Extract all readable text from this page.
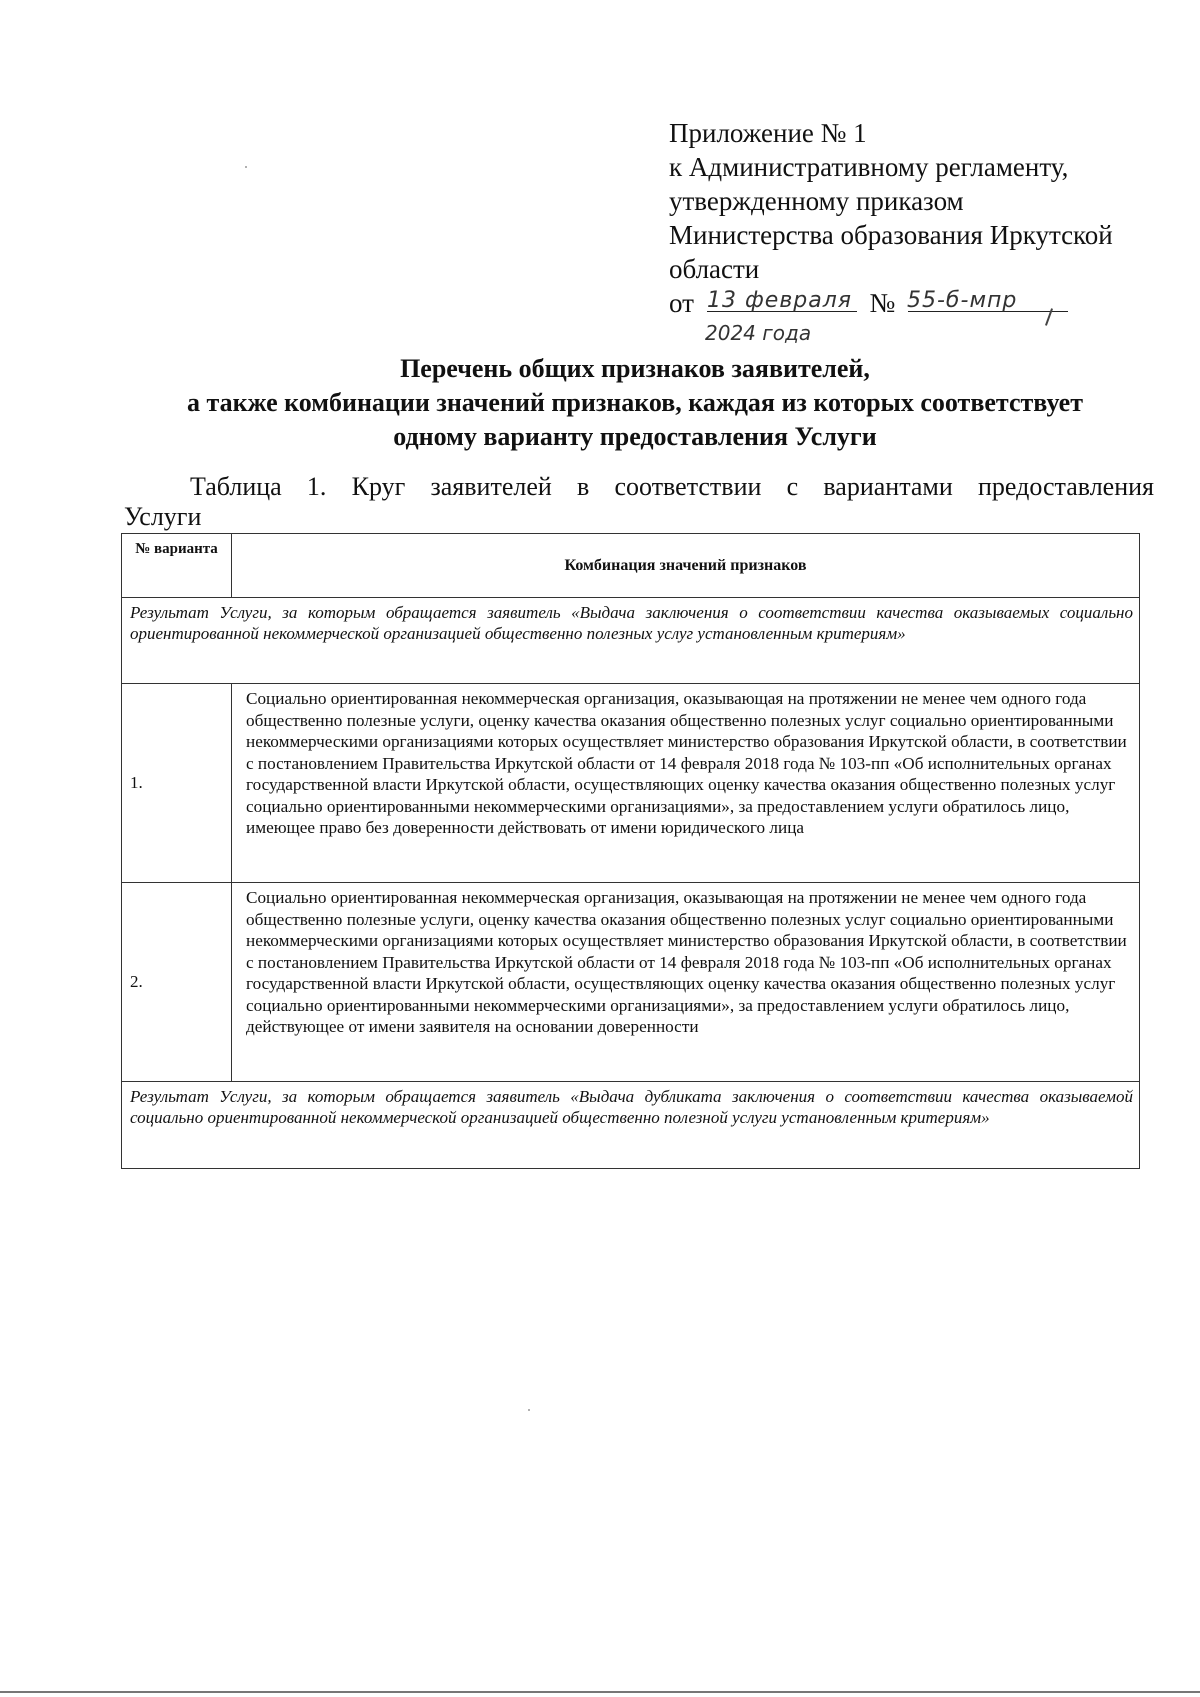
Приложение № 1
к Административному регламенту,
утвержденному приказом
Министерства образования Иркутской
области
от	№
13 февраля 55-б-мпр
2024 года
Перечень общих признаков заявителей,
а также комбинации значений признаков, каждая из которых соответствует
одному варианту предоставления Услуги
Таблица 1. Круг заявителей в соответствии с вариантами предоставления
Услуги
№ варианта
Комбинация значений признаков
Результат Услуги, за которым обращается заявитель «Выдача заключения о соответствии качества оказываемых социально ориентированной некоммерческой организацией общественно полезных услуг установленным критериям»
1.
Социально ориентированная некоммерческая организация, оказывающая на протяжении не менее чем одного года общественно полезные услуги, оценку качества оказания общественно полезных услуг социально ориентированными некоммерческими организациями которых осуществляет министерство образования Иркутской области, в соответствии с постановлением Правительства Иркутской области от 14 февраля 2018 года № 103-пп «Об исполнительных органах государственной власти Иркутской области, осуществляющих оценку качества оказания общественно полезных услуг социально ориентированными некоммерческими организациями», за предоставлением услуги обратилось лицо, имеющее право без доверенности действовать от имени юридического лица
2.
Социально ориентированная некоммерческая организация, оказывающая на протяжении не менее чем одного года общественно полезные услуги, оценку качества оказания общественно полезных услуг социально ориентированными некоммерческими организациями которых осуществляет министерство образования Иркутской области, в соответствии с постановлением Правительства Иркутской области от 14 февраля 2018 года № 103-пп «Об исполнительных органах государственной власти Иркутской области, осуществляющих оценку качества оказания общественно полезных услуг социально ориентированными некоммерческими организациями», за предоставлением услуги обратилось лицо, действующее от имени заявителя на основании доверенности
Результат Услуги, за которым обращается заявитель «Выдача дубликата заключения о соответствии качества оказываемой социально ориентированной некоммерческой организацией общественно полезной услуги установленным критериям»
